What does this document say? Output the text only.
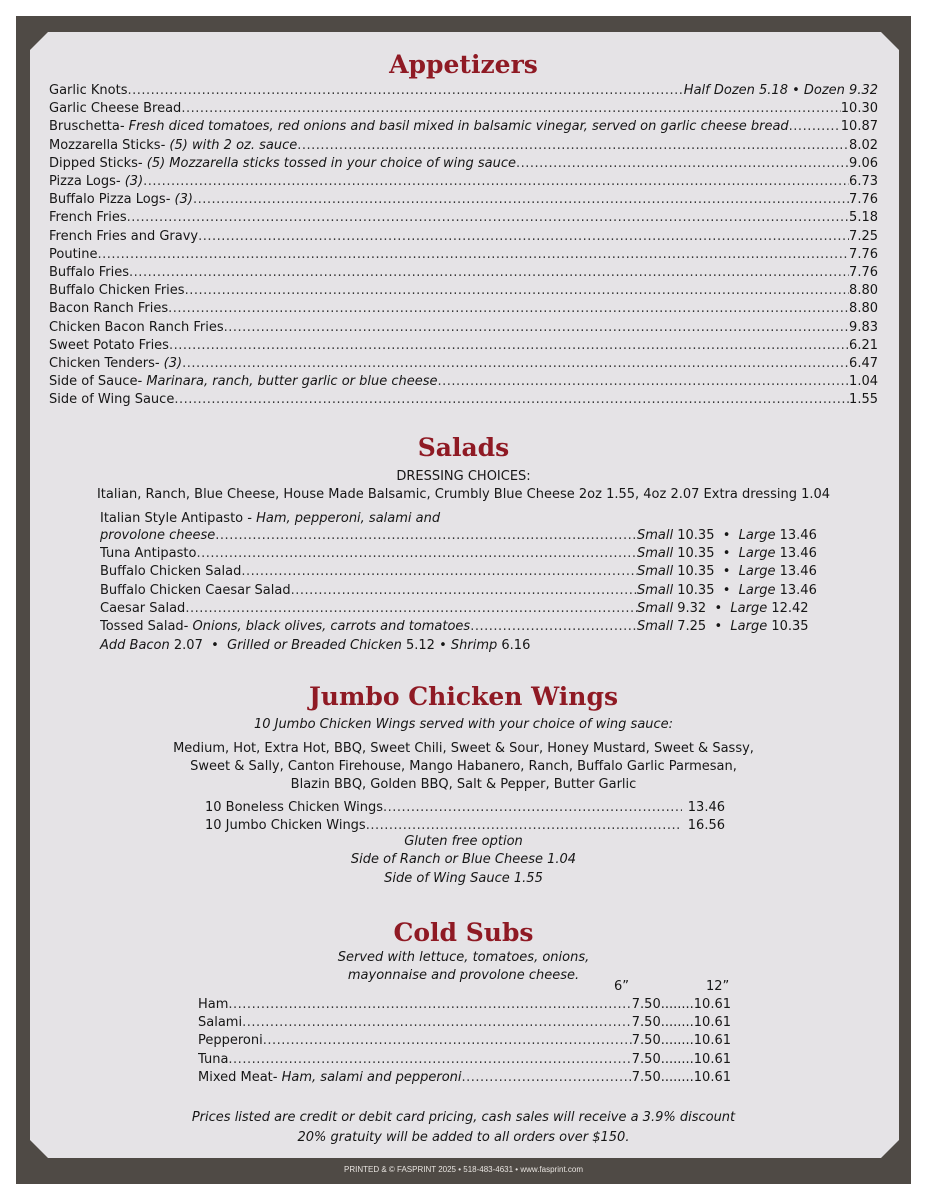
Appetizers
Garlic Knots .....	Half Dozen 5.18 • Dozen 9.32
Garlic Cheese Bread .....	10.30
Bruschetta - Fresh diced tomatoes, red onions and basil mixed in balsamic vinegar, served on garlic cheese bread .....	10.87
Mozzarella Sticks - (5) with 2 oz. sauce .....	8.02
Dipped Sticks - (5) Mozzarella sticks tossed in your choice of wing sauce .....	9.06
Pizza Logs - (3) .....	6.73
Buffalo Pizza Logs - (3) .....	7.76
French Fries .....	5.18
French Fries and Gravy .....	7.25
Poutine .....	7.76
Buffalo Fries .....	7.76
Buffalo Chicken Fries .....	8.80
Bacon Ranch Fries .....	8.80
Chicken Bacon Ranch Fries .....	9.83
Sweet Potato Fries .....	6.21
Chicken Tenders - (3) .....	6.47
Side of Sauce - Marinara, ranch, butter garlic or blue cheese .....	1.04
Side of Wing Sauce .....	1.55
Salads

DRESSING CHOICES:

Italian, Ranch, Blue Cheese, House Made Balsamic, Crumbly Blue Cheese 2oz 1.55, 4oz 2.07 Extra dressing 1.04

Italian Style Antipasto - Ham, pepperoni, salami and

provolone cheese .....	Small 10.35  •  Large 13.46
Tuna Antipasto .....	Small 10.35  •  Large 13.46
Buffalo Chicken Salad .....	Small 10.35  •  Large 13.46
Buffalo Chicken Caesar Salad .....	Small 10.35  •  Large 13.46
Caesar Salad .....	Small 9.32  •  Large 12.42
Tossed Salad - Onions, black olives, carrots and tomatoes .....	Small 7.25  •  Large 10.35

Add Bacon 2.07  •  Grilled or Breaded Chicken 5.12 • Shrimp 6.16

Jumbo Chicken Wings

10 Jumbo Chicken Wings served with your choice of wing sauce:

Medium, Hot, Extra Hot, BBQ, Sweet Chili, Sweet & Sour, Honey Mustard, Sweet & Sassy,

Sweet & Sally, Canton Firehouse, Mango Habanero, Ranch, Buffalo Garlic Parmesan,

Blazin BBQ, Golden BBQ, Salt & Pepper, Butter Garlic

10 Boneless Chicken Wings .....	13.46
10 Jumbo Chicken Wings .....	16.56

Gluten free option

Side of Ranch or Blue Cheese 1.04

Side of Wing Sauce 1.55

Cold Subs

Served with lettuce, tomatoes, onions,

mayonnaise and provolone cheese.

6”	12”

Ham .....	7.50 ........ 10.61
Salami .....	7.50 ........ 10.61
Pepperoni .....	7.50 ........ 10.61
Tuna .....	7.50 ........ 10.61
Mixed Meat - Ham, salami and pepperoni .....	7.50 ........ 10.61

Prices listed are credit or debit card pricing, cash sales will receive a 3.9% discount

20% gratuity will be added to all orders over $150.

PRINTED & © FASPRINT 2025 • 518-483-4631 • www.fasprint.com
